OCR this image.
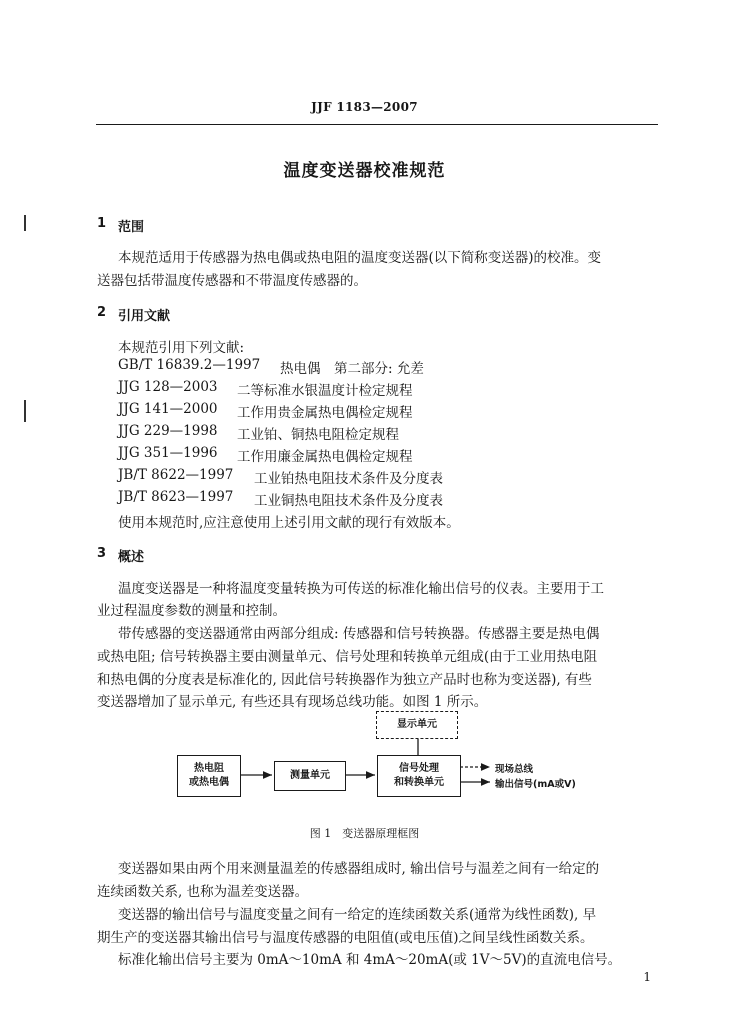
JJF 1183—2007
温度变送器校准规范
1 范围
本规范适用于传感器为热电偶或热电阻的温度变送器(以下简称变送器)的校准。变
送器包括带温度传感器和不带温度传感器的。
2 引用文献
本规范引用下列文献:
GB/T 16839.2—1997 热电偶　第二部分: 允差
JJG 128—2003 二等标准水银温度计检定规程
JJG 141—2000 工作用贵金属热电偶检定规程
JJG 229—1998 工业铂、铜热电阻检定规程
JJG 351—1996 工作用廉金属热电偶检定规程
JB/T 8622—1997 工业铂热电阻技术条件及分度表
JB/T 8623—1997 工业铜热电阻技术条件及分度表
使用本规范时,应注意使用上述引用文献的现行有效版本。
3 概述
温度变送器是一种将温度变量转换为可传送的标准化输出信号的仪表。主要用于工
业过程温度参数的测量和控制。
带传感器的变送器通常由两部分组成: 传感器和信号转换器。传感器主要是热电偶
或热电阻; 信号转换器主要由测量单元、信号处理和转换单元组成(由于工业用热电阻
和热电偶的分度表是标准化的, 因此信号转换器作为独立产品时也称为变送器), 有些
变送器增加了显示单元, 有些还具有现场总线功能。如图 1 所示。
显示单元
热电阻
或热电偶
测量单元
信号处理
和转换单元
现场总线
输出信号(mA或V)
图 1　变送器原理框图
变送器如果由两个用来测量温差的传感器组成时, 输出信号与温差之间有一给定的
连续函数关系, 也称为温差变送器。
变送器的输出信号与温度变量之间有一给定的连续函数关系(通常为线性函数), 早
期生产的变送器其输出信号与温度传感器的电阻值(或电压值)之间呈线性函数关系。
标准化输出信号主要为 0mA～10mA 和 4mA～20mA(或 1V～5V)的直流电信号。
1
